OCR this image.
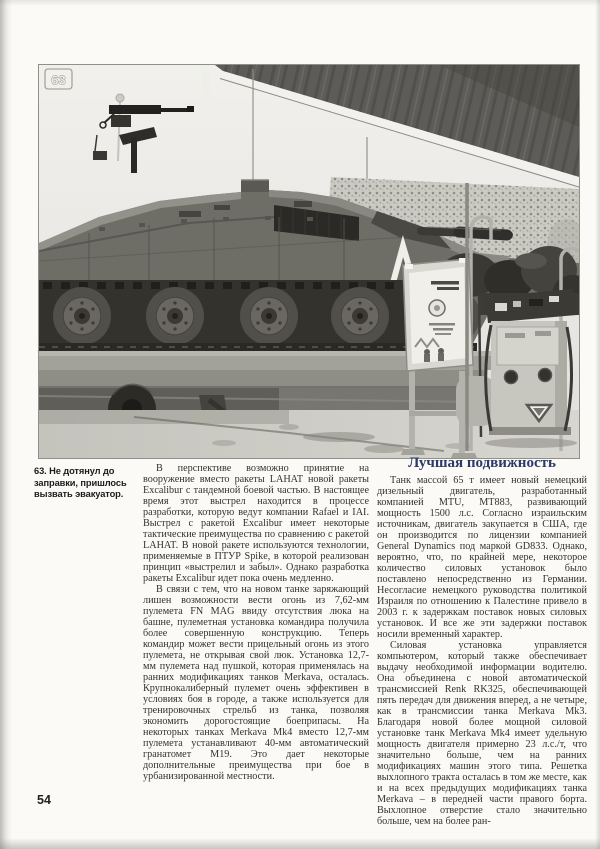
63
63. Не дотянул до заправки, пришлось вызвать эвакуатор.

В перспективе возможно принятие на вооружение вместо ракеты LAHAT новой ракеты Excalibur с тандемной боевой частью. В настоящее время этот выстрел находится в процессе разработки, которую ведут компании Rafael и IAI. Выстрел с ракетой Excalibur имеет некоторые тактические преимущества по сравнению с ракетой LAHAT. В новой ракете используются технологии, применяемые в ПТУР Spike, в которой реализован принцип «выстрелил и забыл». Однако разработка ракеты Excalibur идет пока очень медленно.

В связи с тем, что на новом танке заряжающий лишен возможности вести огонь из 7,62-мм пулемета FN MAG ввиду отсутствия люка на башне, пулеметная установка командира получила более совершенную конструкцию. Теперь командир может вести прицельный огонь из этого пулемета, не открывая свой люк. Установка 12,7-мм пулемета над пушкой, которая применялась на ранних модификациях танков Merkava, осталась. Крупнокалиберный пулемет очень эффективен в условиях боя в городе, а также используется для тренировочных стрельб из танка, позволяя экономить дорогостоящие боеприпасы. На некоторых танках Merkava Mk4 вместо 12,7-мм пулемета устанавливают 40-мм автоматический гранатомет М19. Это дает некоторые дополнительные преимущества при бое в урбанизированной местности.

Лучшая подвижность

Танк массой 65 т имеет новый немецкий дизельный двигатель, разработанный компанией MTU, MT883, развивающий мощность 1500 л.с. Согласно израильским источникам, двигатель закупается в США, где он производится по лицензии компанией General Dynamics под маркой GD833. Однако, вероятно, что, по крайней мере, некоторое количество силовых установок было поставлено непосредственно из Германии. Несогласие немецкого руководства политикой Израиля по отношению к Палестине привело в 2003 г. к задержкам поставок новых силовых установок. И все же эти задержки поставок носили временный характер.

Силовая установка управляется компьютером, который также обеспечивает выдачу необходимой информации водителю. Она объединена с новой автоматической трансмиссией Renk RK325, обеспечивающей пять передач для движения вперед, а не четыре, как в трансмиссии танка Merkava Mk3. Благодаря новой более мощной силовой установке танк Merkava Mk4 имеет удельную мощность двигателя примерно 23 л.с./т, что значительно больше, чем на ранних модификациях машин этого типа. Решетка выхлопного тракта осталась в том же месте, как и на всех предыдущих модификациях танка Merkava – в передней части правого борта. Выхлопное отверстие стало значительно больше, чем на более ран-

54
